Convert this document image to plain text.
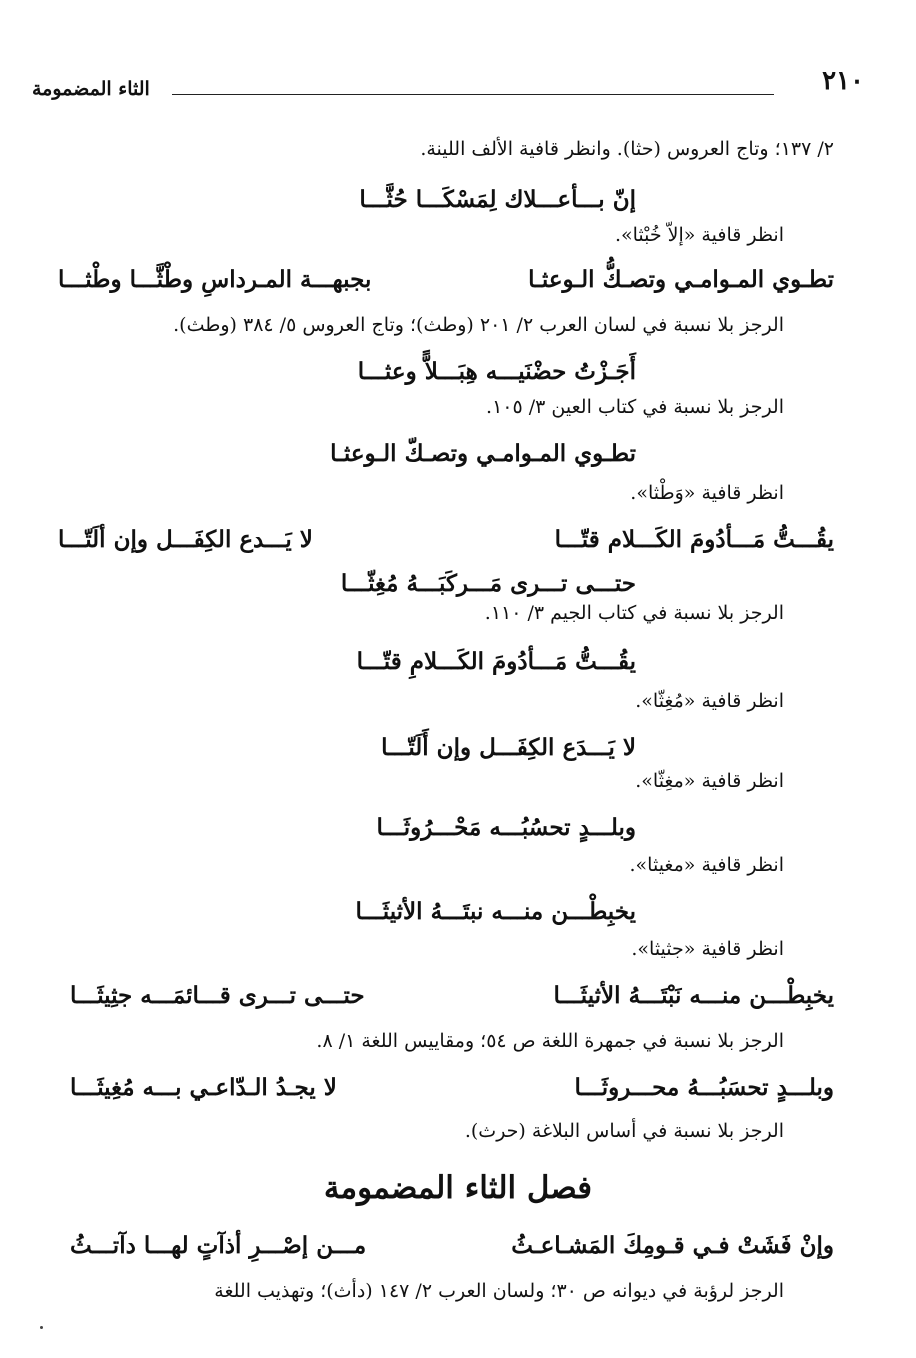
٢١٠
الثاء المضمومة
٢/ ١٣٧؛ وتاج العروس (حثا). وانظر قافية الألف اللينة.
إنّ بـــأعـــلاك لِمَسْكَـــا حُثَّـــا
انظر قافية «إلاّ خُبْثا».
تطـوي المـوامـي وتصـكُّ الـوعثـا
بجبهـــة المـرداسِ وطْثَّـــا وطْثـــا
الرجز بلا نسبة في لسان العرب ٢/ ٢٠١ (وطث)؛ وتاج العروس ٥/ ٣٨٤ (وطث).
أَجَـزْتُ حضْنَيـــه هِبَـــلاًّ وعثـــا
الرجز بلا نسبة في كتاب العين ٣/ ١٠٥.
تطـوي المـوامـي وتصـكّ الـوعثـا
انظر قافية «وَطْثا».
يقُـــتُّ مَـــأدُومَ الكَـــلام قتّـــا
لا يَـــدع الكِفَـــل وإن ألَتّـــا
حتـــى تـــرى مَـــركَبَـــهُ مُغِثّـــا
الرجز بلا نسبة في كتاب الجيم ٣/ ١١٠.
يقُـــتُّ مَـــأدُومَ الكَـــلامِ قتّـــا
انظر قافية «مُغِثّا».
لا يَـــدَع الكِفَـــل وإن أَلَتّـــا
انظر قافية «مغِثّا».
وبلـــدٍ تحسُبُـــه مَحْـــرُوثَـــا
انظر قافية «مغيثا».
يخبِطْـــن منـــه نبتَـــهُ الأثيثَـــا
انظر قافية «جثيثا».
يخبِطْـــن منـــه نَبْتَـــهُ الأثيثَـــا
حتـــى تـــرى قـــائمَـــه جثِيثَـــا
الرجز بلا نسبة في جمهرة اللغة ص ٥٤؛ ومقاييس اللغة ١/ ٨.
وبلـــدٍ تحسَبُـــهُ محـــروثَـــا
لا يجـدُ الـدّاعـي بـــه مُغِيثَـــا
الرجز بلا نسبة في أساس البلاغة (حرث).
فصل الثاء المضمومة
وإنْ فَشَتْ فـي قـومِكَ المَشـاعـثُ
مـــن إصْـــرِ أذآتٍ لهـــا دآتـــثُ
الرجز لرؤبة في ديوانه ص ٣٠؛ ولسان العرب ٢/ ١٤٧ (دأث)؛ وتهذيب اللغة
